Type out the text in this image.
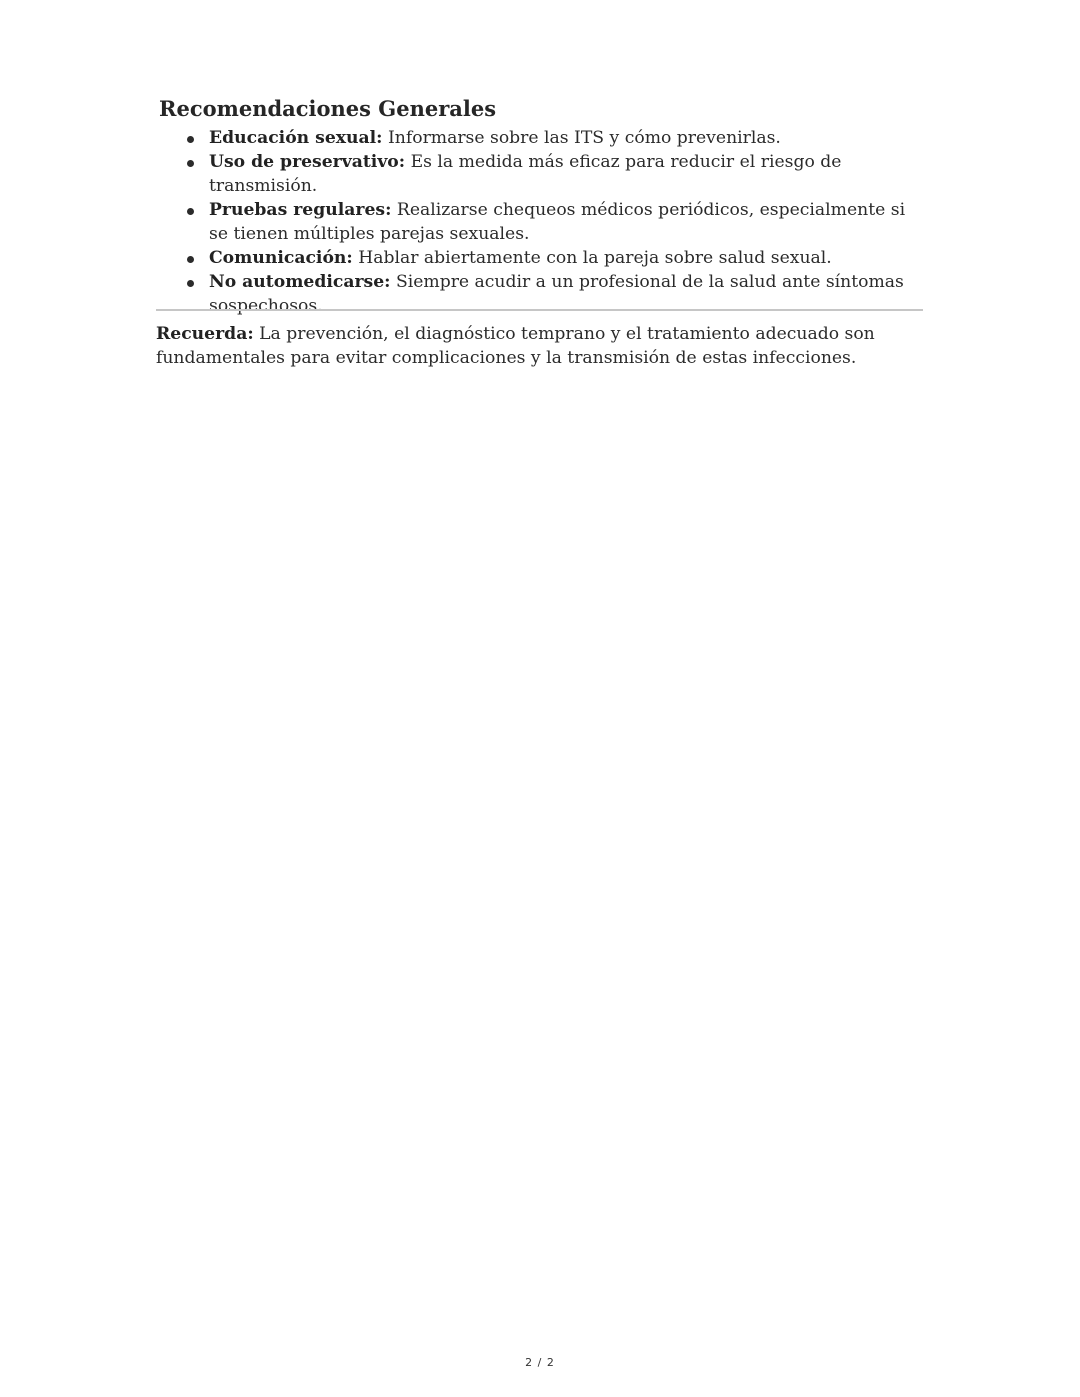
Recomendaciones Generales
Educación sexual: Informarse sobre las ITS y cómo prevenirlas.
Uso de preservativo: Es la medida más eficaz para reducir el riesgo de transmisión.
Pruebas regulares: Realizarse chequeos médicos periódicos, especialmente si se tienen múltiples parejas sexuales.
Comunicación: Hablar abiertamente con la pareja sobre salud sexual.
No automedicarse: Siempre acudir a un profesional de la salud ante síntomas sospechosos.

Recuerda: La prevención, el diagnóstico temprano y el tratamiento adecuado son fundamentales para evitar complicaciones y la transmisión de estas infecciones.

2 / 2
